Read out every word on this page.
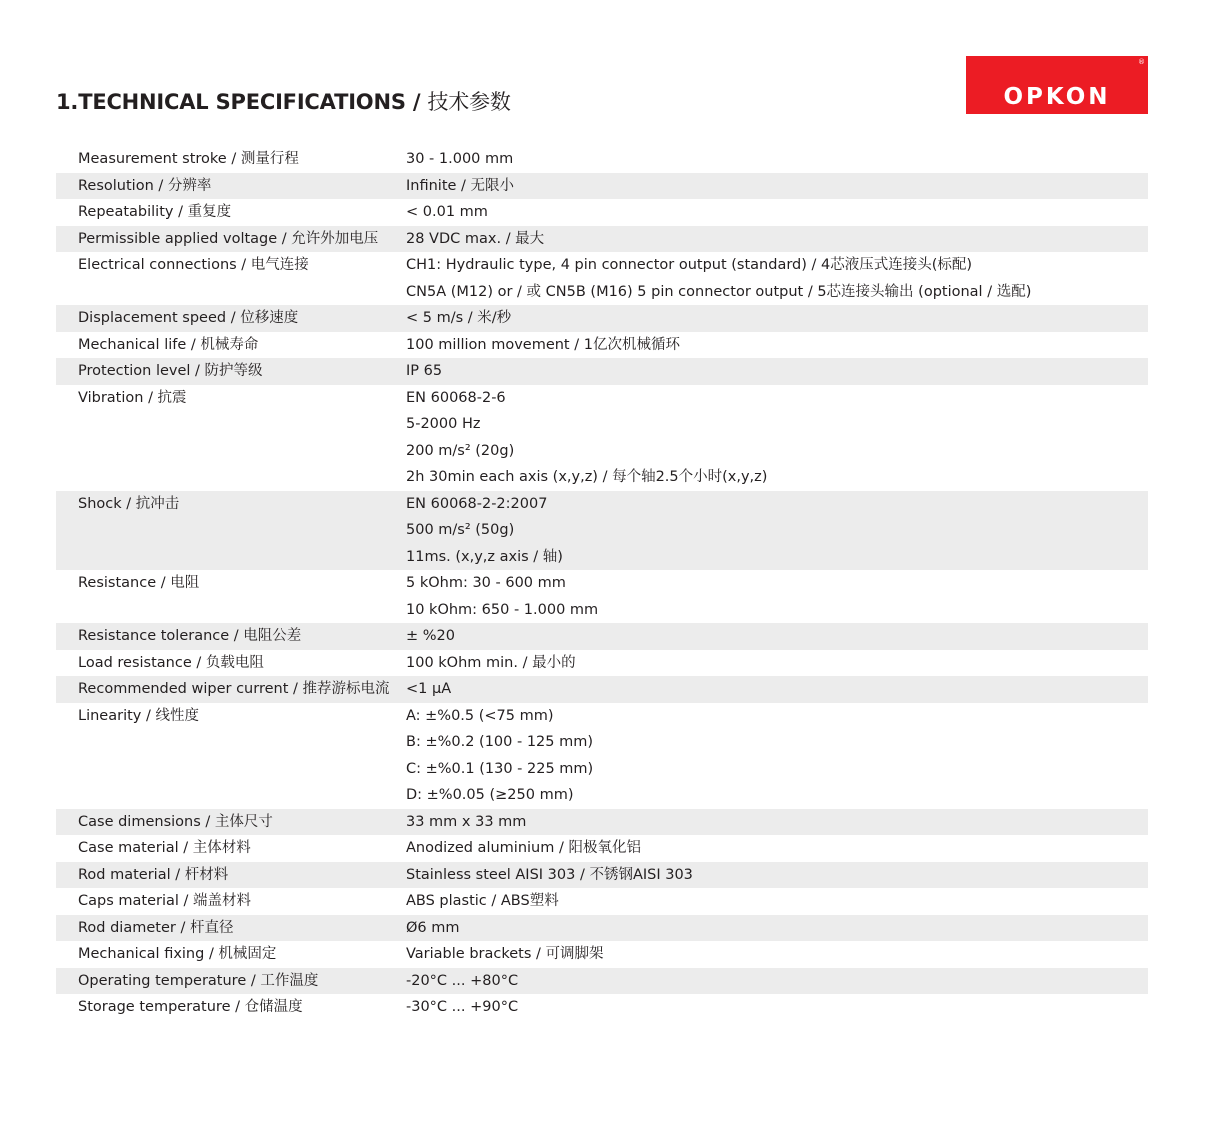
1.TECHNICAL SPECIFICATIONS / 技术参数
®
OPKON
Measurement stroke / 测量行程	30 - 1.000 mm
Resolution / 分辨率	Infinite / 无限小
Repeatability / 重复度	< 0.01 mm
Permissible applied voltage / 允许外加电压	28 VDC max. / 最大
Electrical connections / 电气连接	CH1: Hydraulic type, 4 pin connector output (standard) / 4芯液压式连接头(标配)
CN5A (M12) or / 或 CN5B (M16) 5 pin connector output / 5芯连接头输出 (optional / 选配)
Displacement speed / 位移速度	< 5 m/s / 米/秒
Mechanical life / 机械寿命	100 million movement / 1亿次机械循环
Protection level / 防护等级	IP 65
Vibration / 抗震	EN 60068-2-6
5-2000 Hz
200 m/s² (20g)
2h 30min each axis (x,y,z) / 每个轴2.5个小时(x,y,z)
Shock / 抗冲击	EN 60068-2-2:2007
500 m/s² (50g)
11ms. (x,y,z axis / 轴)
Resistance / 电阻	5 kOhm: 30 - 600 mm
10 kOhm: 650 - 1.000 mm
Resistance tolerance / 电阻公差	± %20
Load resistance / 负载电阻	100 kOhm min. / 最小的
Recommended wiper current / 推荐游标电流	<1 μA
Linearity / 线性度	A: ±%0.5 (<75 mm)
B: ±%0.2 (100 - 125 mm)
C: ±%0.1 (130 - 225 mm)
D: ±%0.05 (≥250 mm)
Case dimensions / 主体尺寸	33 mm x 33 mm
Case material / 主体材料	Anodized aluminium / 阳极氧化铝
Rod material / 杆材料	Stainless steel AISI 303 / 不锈钢AISI 303
Caps material / 端盖材料	ABS plastic / ABS塑料
Rod diameter / 杆直径	Ø6 mm
Mechanical fixing / 机械固定	Variable brackets / 可调脚架
Operating temperature / 工作温度	-20°C ... +80°C
Storage temperature / 仓储温度	-30°C ... +90°C
